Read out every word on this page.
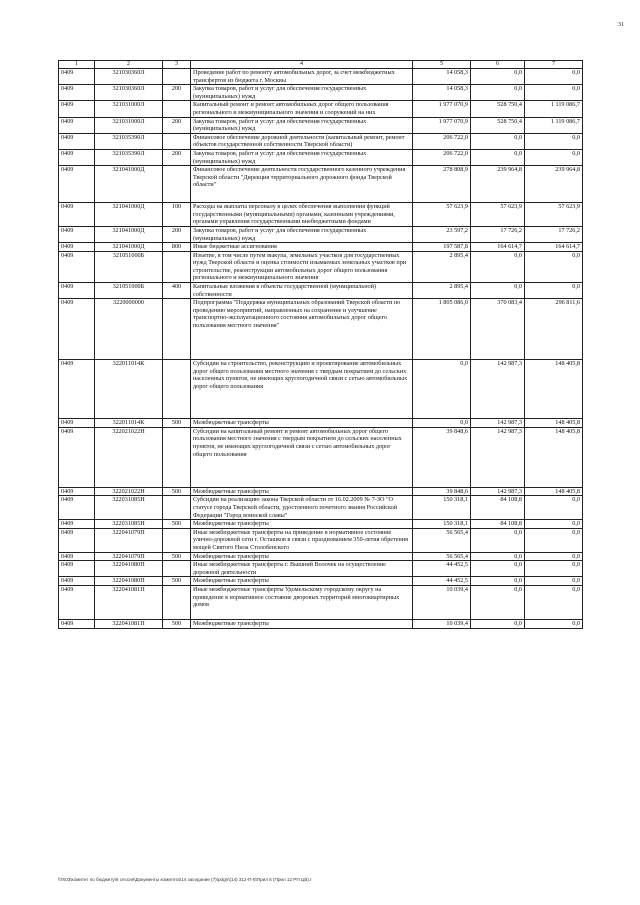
31
1	2	3	4	5	6	7
0409	321030360Л		Проведение работ по ремонту автомобильных дорог, за счет межбюджетных трансфертов из бюджета г. Москвы	14 058,3	0,0	0,0
0409	321030360Л	200	Закупка товаров, работ и услуг для обеспечения государственных (муниципальных) нужд	14 058,3	0,0	0,0
0409	321031000Л		Капитальный ремонт и ремонт автомобильных дорог общего пользования регионального и межмуниципального значения и сооружений на них	1 977 070,9	528 750,4	1 119 086,7
0409	321031000Л	200	Закупка товаров, работ и услуг для обеспечения государственных (муниципальных) нужд	1 977 070,9	528 750,4	1 119 086,7
0409	321035390Л		Финансовое обеспечение дорожной деятельности (капитальный ремонт, ремонт объектов государственной собственности Тверской области)	206 722,0	0,0	0,0
0409	321035390Л	200	Закупка товаров, работ и услуг для обеспечения государственных (муниципальных) нужд	206 722,0	0,0	0,0
0409	321041000Д		Финансовое обеспечение деятельности государственного казенного учреждения Тверской области "Дирекция территориального дорожного фонда Тверской области"	278 808,9	239 964,8	239 964,8
0409	321041000Д	100	Расходы на выплаты персоналу в целях обеспечения выполнения функций государственными (муниципальными) органами, казенными учреждениями, органами управления государственными внебюджетными фондами	57 623,9	57 623,9	57 623,9
0409	321041000Д	200	Закупка товаров, работ и услуг для обеспечения государственных (муниципальных) нужд	23 597,2	17 726,2	17 726,2
0409	321041000Д	800	Иные бюджетные ассигнования	197 587,8	164 614,7	164 614,7
0409	321051000Б		Изъятие, в том числе путем выкупа, земельных участков для государственных нужд Тверской области и оценка стоимости изымаемых земельных участков при строительстве, реконструкции автомобильных дорог общего пользования регионального и межмуниципального значения	2 895,4	0,0	0,0
0409	321051000Б	400	Капитальные вложения в объекты государственной (муниципальной) собственности	2 895,4	0,0	0,0
0409	3220000000		Подпрограмма "Поддержка муниципальных образований Тверской области по проведению мероприятий, направленных на сохранение и улучшение транспортно-эксплуатационного состояния автомобильных дорог общего пользования местного значения"	1 805 086,0	370 083,4	296 811,6
0409	322011014К		Субсидии на строительство, реконструкцию и проектирование автомобильных дорог общего пользования местного значения с твердым покрытием до сельских населенных пунктов, не имеющих круглогодичной связи с сетью автомобильных дорог общего пользования	0,0	142 987,3	148 405,8
0409	322011014К	500	Межбюджетные трансферты	0,0	142 987,3	148 405,8
0409	322021022Н		Субсидии на капитальный ремонт и ремонт автомобильных дорог общего пользования местного значения с твердым покрытием до сельских населенных пунктов, не имеющих круглогодичной связи с сетью автомобильных дорог общего пользования	39 848,6	142 987,3	148 405,8
0409	322021022Н	500	Межбюджетные трансферты	39 848,6	142 987,3	148 405,8
0409	322031085Н		Субсидии на реализацию закона Тверской области от 16.02.2009 № 7-ЗО "О статусе города Тверской области, удостоенного почетного звания Российской Федерации "Город воинской славы"	150 318,1	84 108,8	0,0
0409	322031085Н	500	Межбюджетные трансферты	150 318,1	84 108,8	0,0
0409	322041079П		Иные межбюджетные трансферты на приведение в нормативное состояние улично-дорожной сети г. Осташков в связи с празднованием 350-летия обретения мощей Святого Нила Столобенского	56 565,4	0,0	0,0
0409	322041079П	500	Межбюджетные трансферты	56 565,4	0,0	0,0
0409	322041080П		Иные межбюджетные трансферты г. Вышний Волочек на осуществление дорожной деятельности	44 452,5	0,0	0,0
0409	322041080П	500	Межбюджетные трансферты	44 452,5	0,0	0,0
0409	322041081П		Иные межбюджетные трансферты Удомельскому городскому округу на приведение в нормативное состояние дворовых территорий многоквартирных домов	10 039,4	0,0	0,0
0409	322041081П	500	Межбюджетные трансферты	10 039,4	0,0	0,0
\\Ts03\комитет по бюджету\6 сессия\Документы комитета\14 заседание (7)\pdgn\(14) 312-П-6\Прил 6 (Прил 12 РП ЦВ).r
